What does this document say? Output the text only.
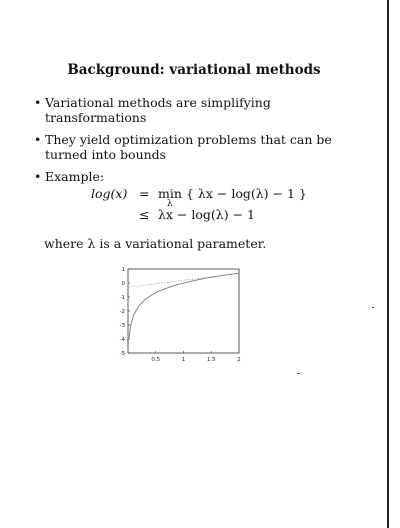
Background: variational methods
• Variational methods are simplifying transformations
• They yield optimization problems that can be turned into bounds
• Example:
log(x) = min
λ
{ λx − log(λ) − 1 }
≤ λx − log(λ) − 1
where λ is a variational parameter.
1
0
-1
-2
-3
-4
-5
0.5	1	1.5	2
